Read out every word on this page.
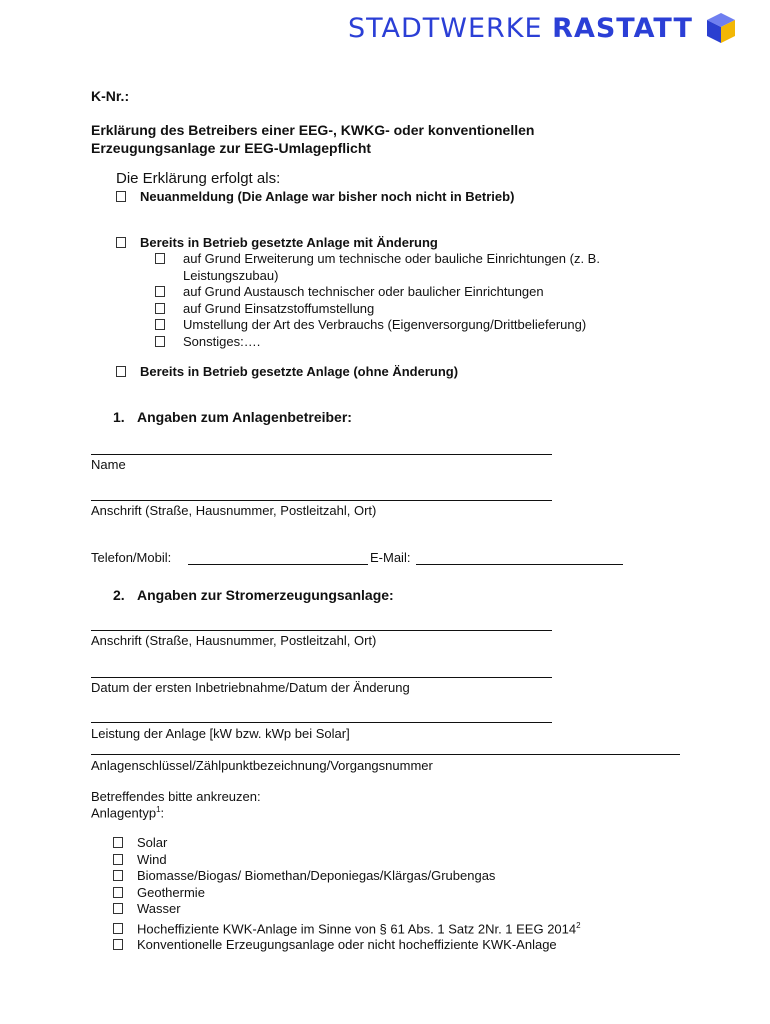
STADTWERKE RASTATT
K-Nr.:
Erklärung des Betreibers einer EEG-, KWKG- oder konventionellen
Erzeugungsanlage zur EEG-Umlagepflicht
Die Erklärung erfolgt als:
Neuanmeldung (Die Anlage war bisher noch nicht in Betrieb)
Bereits in Betrieb gesetzte Anlage mit Änderung
auf Grund Erweiterung um technische oder bauliche Einrichtungen (z. B.
Leistungszubau)
auf Grund Austausch technischer oder baulicher Einrichtungen
auf Grund Einsatzstoffumstellung
Umstellung der Art des Verbrauchs (Eigenversorgung/Drittbelieferung)
Sonstiges:….
Bereits in Betrieb gesetzte Anlage (ohne Änderung)
1. Angaben zum Anlagenbetreiber:
Name
Anschrift (Straße, Hausnummer, Postleitzahl, Ort)
Telefon/Mobil:	E-Mail:
2. Angaben zur Stromerzeugungsanlage:
Anschrift (Straße, Hausnummer, Postleitzahl, Ort)
Datum der ersten Inbetriebnahme/Datum der Änderung
Leistung der Anlage [kW bzw. kWp bei Solar]
Anlagenschlüssel/Zählpunktbezeichnung/Vorgangsnummer
Betreffendes bitte ankreuzen:
Anlagentyp$^1$:
Solar
Wind
Biomasse/Biogas/ Biomethan/Deponiegas/Klärgas/Grubengas
Geothermie
Wasser
Hocheffiziente KWK-Anlage im Sinne von § 61 Abs. 1 Satz 2Nr. 1 EEG 2014$^2$
Konventionelle Erzeugungsanlage oder nicht hocheffiziente KWK-Anlage
